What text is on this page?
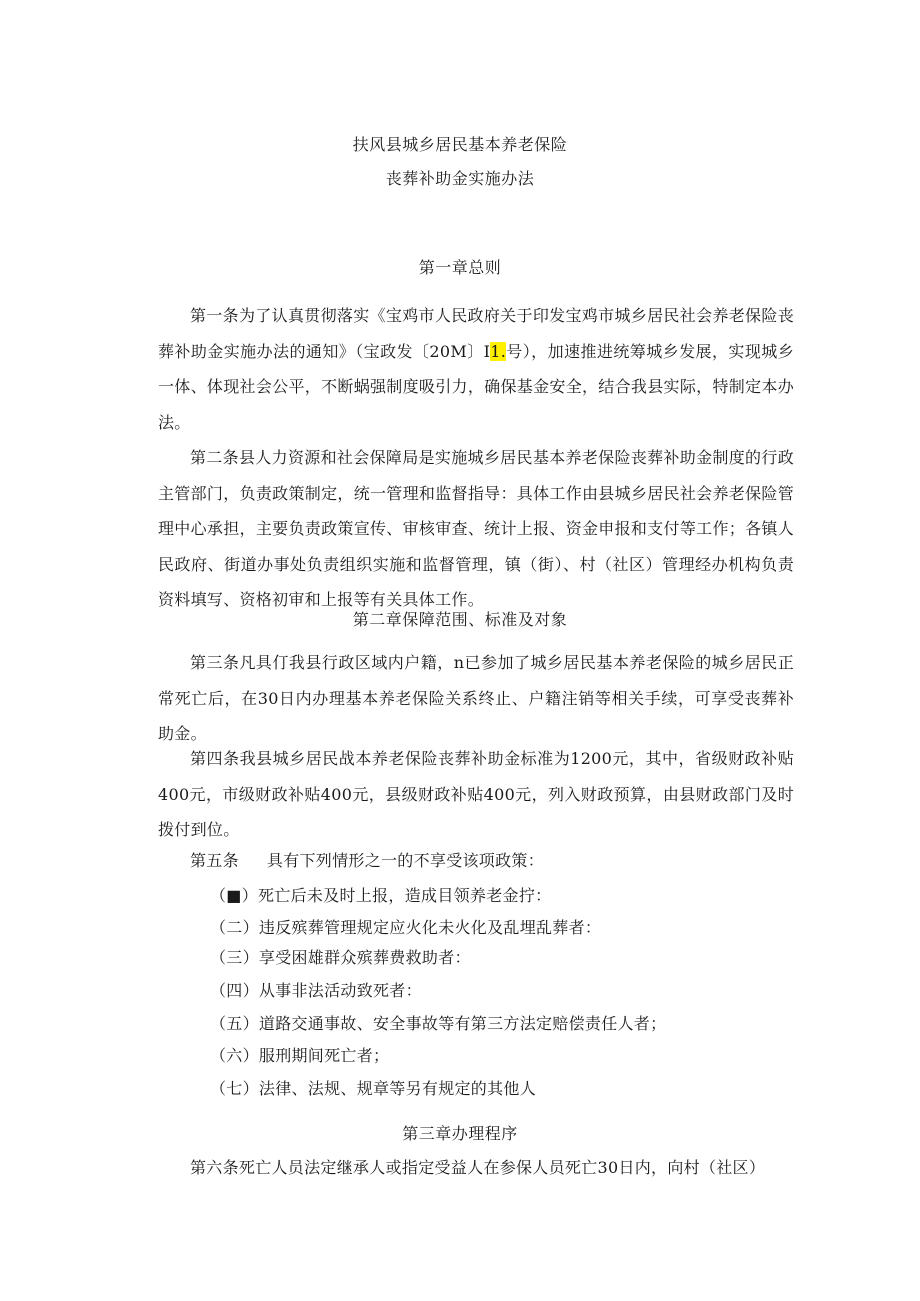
扶风县城乡居民基本养老保险
丧葬补助金实施办法
第一章总则

第一条为了认真贯彻落实《宝鸡市人民政府关于印发宝鸡市城乡居民社会养老保险丧葬补助金实施办法的通知》（宝政发〔20M〕I1.号），加速推进统筹城乡发展，实现城乡一体、体现社会公平，不断蜗强制度吸引力，确保基金安全，结合我县实际，特制定本办法。

第二条县人力资源和社会保障局是实施城乡居民基本养老保险丧葬补助金制度的行政主管部门，负责政策制定，统一管理和监督指导：具体工作由县城乡居民社会养老保险管理中心承担，主要负责政策宣传、审核审查、统计上报、资金申报和支付等工作；各镇人民政府、街道办事处负责组织实施和监督管理，镇（街）、村（社区）管理经办机构负责资料填写、资格初审和上报等有关具体工作。

第二章保障范围、标准及对象

第三条凡具仃我县行政区域内户籍，n已参加了城乡居民基本养老保险的城乡居民正常死亡后，在30日内办理基本养老保险关系终止、户籍注销等相关手续，可享受丧葬补助金。

第四条我县城乡居民战本养老保险丧葬补助金标准为1200元，其中，省级财政补贴400元，市级财政补贴400元，县级财政补贴400元，列入财政预算，由县财政部门及时拨付到位。

第五条 具有下列情形之一的不享受该项政策：
（■）死亡后未及时上报，造成目领养老金拧：
（二）违反殡葬管理规定应火化未火化及乱埋乱葬者：
（三）享受困雄群众殡葬费救助者：
（四）从事非法活动致死者：
（五）道路交通事故、安全事故等有第三方法定赔偿责任人者；
（六）服刑期间死亡者；
（七）法律、法规、规章等另有规定的其他人
第三章办理程序

第六条死亡人员法定继承人或指定受益人在参保人员死亡30日内，向村（社区）
